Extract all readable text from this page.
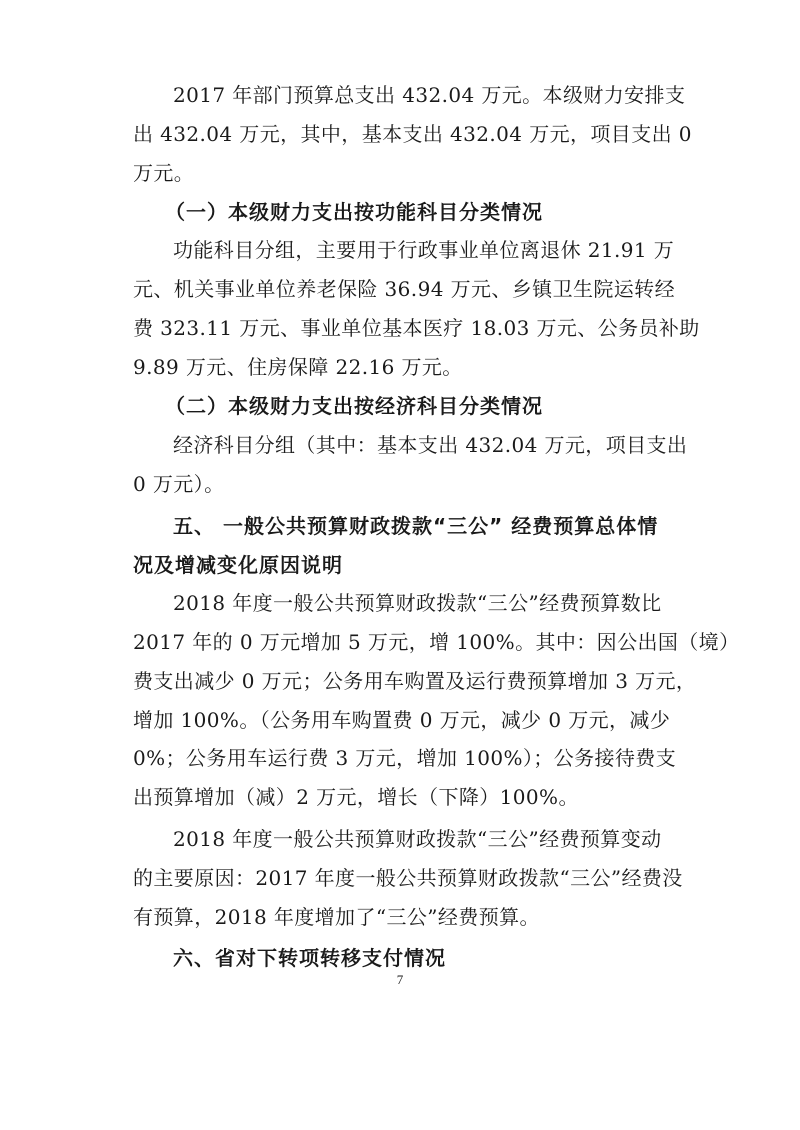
2017 年部门预算总支出 432.04 万元。本级财力安排支
出 432.04 万元，其中，基本支出 432.04 万元，项目支出 0
万元。
（一）本级财力支出按功能科目分类情况
功能科目分组，主要用于行政事业单位离退休 21.91 万
元、机关事业单位养老保险 36.94 万元、乡镇卫生院运转经
费 323.11 万元、事业单位基本医疗 18.03 万元、公务员补助
9.89 万元、住房保障 22.16 万元。
（二）本级财力支出按经济科目分类情况
经济科目分组（其中：基本支出 432.04 万元，项目支出
0 万元）。
五、 一般公共预算财政拨款“三公” 经费预算总体情
况及增减变化原因说明
2018 年度一般公共预算财政拨款“三公”经费预算数比
2017 年的 0 万元增加 5 万元，增 100%。其中：因公出国（境）
费支出减少 0 万元；公务用车购置及运行费预算增加 3 万元，
增加 100%。（公务用车购置费 0 万元，减少 0 万元，减少
0%；公务用车运行费 3 万元，增加 100%）；公务接待费支
出预算增加（减）2 万元，增长（下降）100%。
2018 年度一般公共预算财政拨款“三公”经费预算变动
的主要原因：2017 年度一般公共预算财政拨款“三公”经费没
有预算，2018 年度增加了“三公”经费预算。
六、省对下转项转移支付情况
7
